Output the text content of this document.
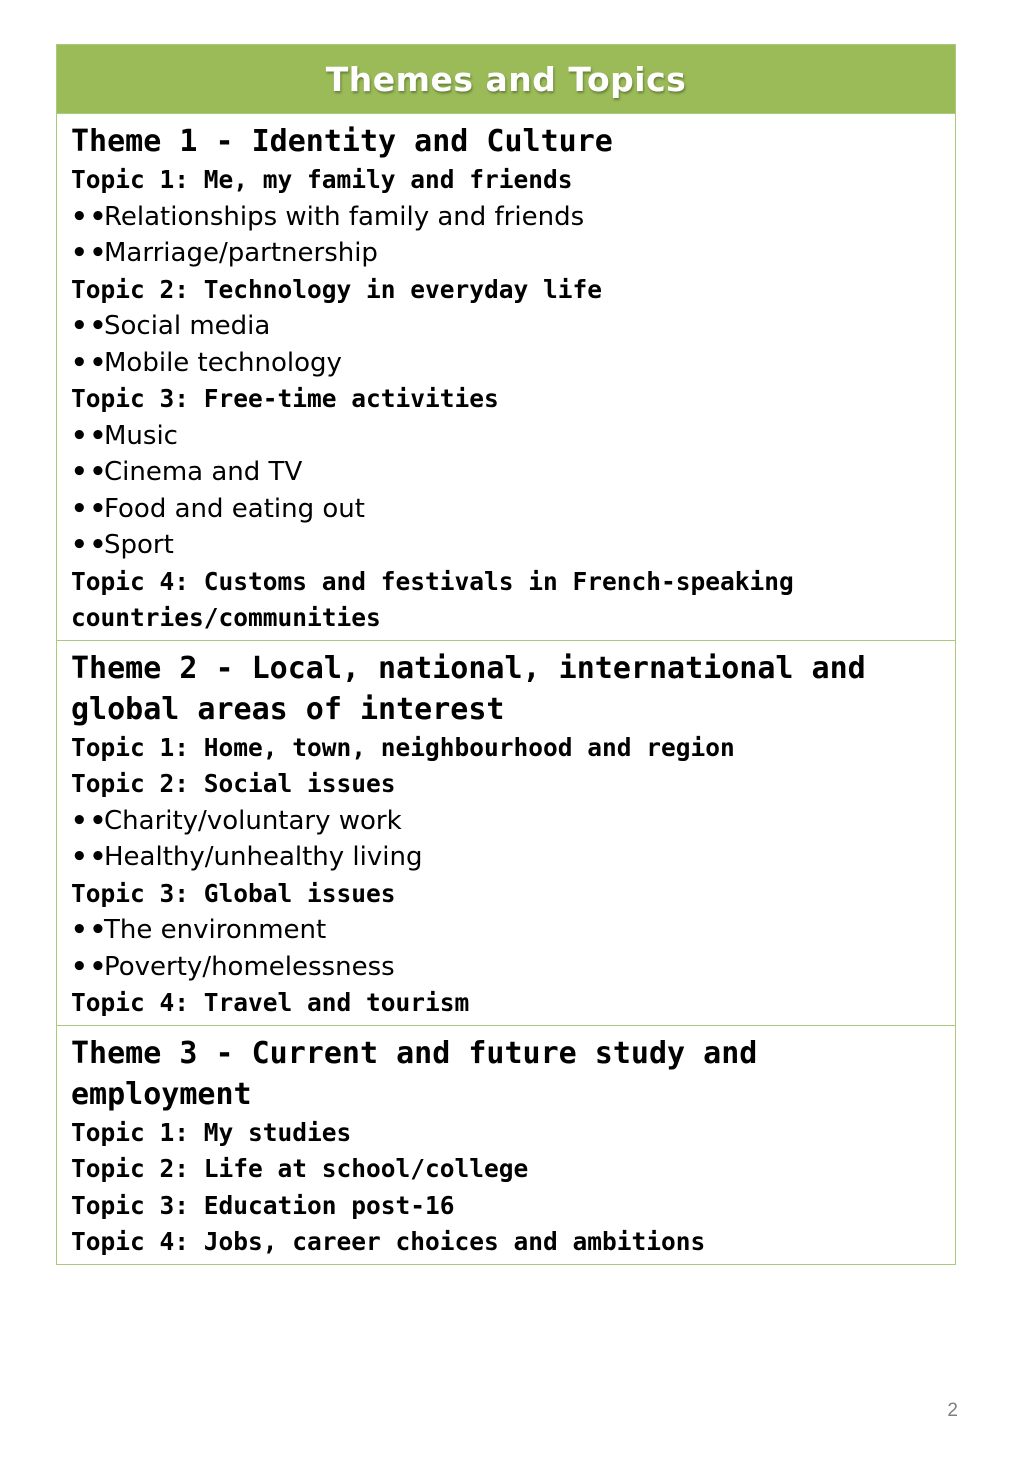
Themes and Topics

Theme 1 - Identity and Culture

Topic 1: Me, my family and friends

••Relationships with family and friends

••Marriage/partnership

Topic 2: Technology in everyday life

••Social media

••Mobile technology

Topic 3: Free-time activities

••Music

••Cinema and TV

••Food and eating out

••Sport

Topic 4: Customs and festivals in French-speaking countries/communities

Theme 2 - Local, national, international and global areas of interest

Topic 1: Home, town, neighbourhood and region

Topic 2: Social issues

••Charity/voluntary work

••Healthy/unhealthy living

Topic 3: Global issues

••The environment

••Poverty/homelessness

Topic 4: Travel and tourism

Theme 3 - Current and future study and employment

Topic 1: My studies

Topic 2: Life at school/college

Topic 3: Education post-16

Topic 4: Jobs, career choices and ambitions

2
